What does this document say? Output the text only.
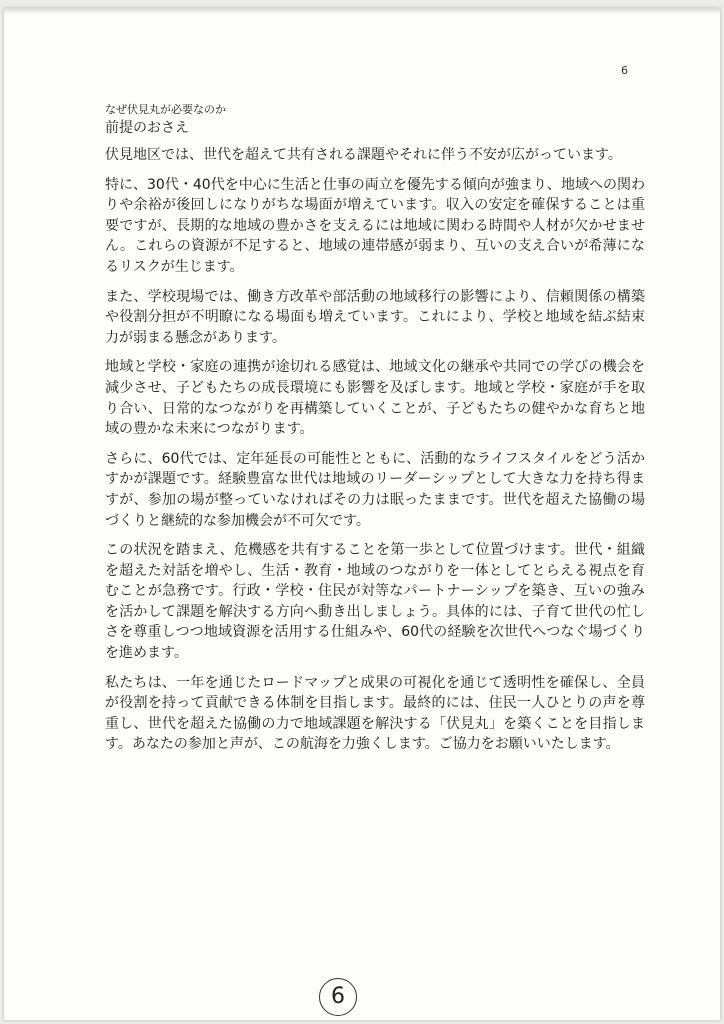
6

なぜ伏見丸が必要なのか

前提のおさえ

伏見地区では、世代を超えて共有される課題やそれに伴う不安が広がっています。

特に、30代・40代を中心に生活と仕事の両立を優先する傾向が強まり、地域への関わりや余裕が後回しになりがちな場面が増えています。収入の安定を確保することは重要ですが、長期的な地域の豊かさを支えるには地域に関わる時間や人材が欠かせません。これらの資源が不足すると、地域の連帯感が弱まり、互いの支え合いが希薄になるリスクが生じます。

また、学校現場では、働き方改革や部活動の地域移行の影響により、信頼関係の構築や役割分担が不明瞭になる場面も増えています。これにより、学校と地域を結ぶ結束力が弱まる懸念があります。

地域と学校・家庭の連携が途切れる感覚は、地域文化の継承や共同での学びの機会を減少させ、子どもたちの成長環境にも影響を及ぼします。地域と学校・家庭が手を取り合い、日常的なつながりを再構築していくことが、子どもたちの健やかな育ちと地域の豊かな未来につながります。

さらに、60代では、定年延長の可能性とともに、活動的なライフスタイルをどう活かすかが課題です。経験豊富な世代は地域のリーダーシップとして大きな力を持ち得ますが、参加の場が整っていなければその力は眠ったままです。世代を超えた協働の場づくりと継続的な参加機会が不可欠です。

この状況を踏まえ、危機感を共有することを第一歩として位置づけます。世代・組織を超えた対話を増やし、生活・教育・地域のつながりを一体としてとらえる視点を育むことが急務です。行政・学校・住民が対等なパートナーシップを築き、互いの強みを活かして課題を解決する方向へ動き出しましょう。具体的には、子育て世代の忙しさを尊重しつつ地域資源を活用する仕組みや、60代の経験を次世代へつなぐ場づくりを進めます。

私たちは、一年を通じたロードマップと成果の可視化を通じて透明性を確保し、全員が役割を持って貢献できる体制を目指します。最終的には、住民一人ひとりの声を尊重し、世代を超えた協働の力で地域課題を解決する「伏見丸」を築くことを目指します。あなたの参加と声が、この航海を力強くします。ご協力をお願いいたします。

6
